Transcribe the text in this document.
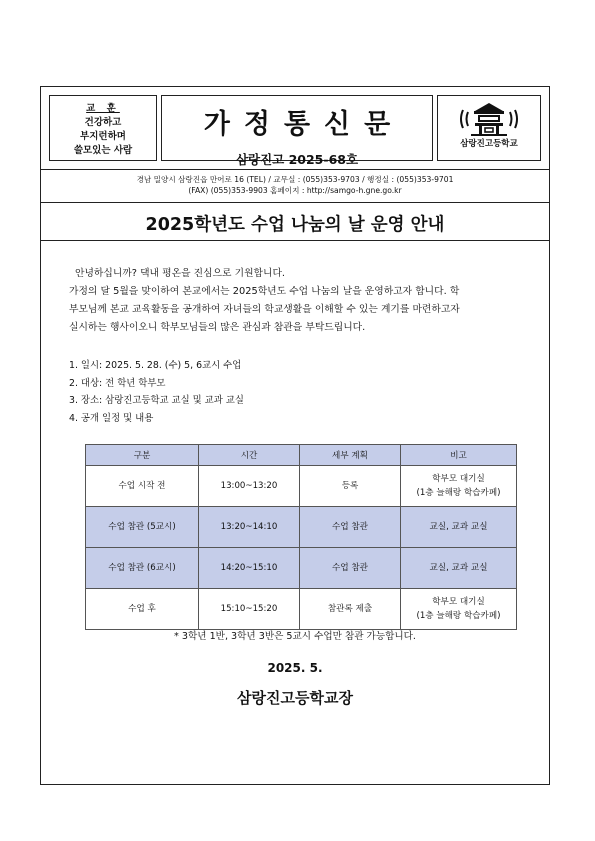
교 훈
건강하고
부지런하며
쓸모있는 사람
가정통신문
삼랑진고 2025-68호
삼랑진고등학교
경남 밀양시 삼랑진읍 만어로 16 (TEL) / 교무실 : (055)353-9703 / 행정실 : (055)353-9701
(FAX) (055)353-9903 홈페이지 : http://samgo-h.gne.go.kr
2025학년도 수업 나눔의 날 운영 안내

안녕하십니까? 댁내 평온을 진심으로 기원합니다.

가정의 달 5월을 맞이하여 본교에서는 2025학년도 수업 나눔의 날을 운영하고자 합니다. 학

부모님께 본교 교육활동을 공개하여 자녀들의 학교생활을 이해할 수 있는 계기를 마련하고자

실시하는 행사이오니 학부모님들의 많은 관심과 참관을 부탁드립니다.

1. 일시: 2025. 5. 28. (수) 5, 6교시 수업
2. 대상: 전 학년 학부모
3. 장소: 삼랑진고등학교 교실 및 교과 교실
4. 공개 일정 및 내용
구분	시간	세부 계획	비고
수업 시작 전	13:00~13:20	등록	학부모 대기실
(1층 늘해랑 학습카페)
수업 참관 (5교시)	13:20~14:10	수업 참관	교실, 교과 교실
수업 참관 (6교시)	14:20~15:10	수업 참관	교실, 교과 교실
수업 후	15:10~15:20	참관록 제출	학부모 대기실
(1층 늘해랑 학습카페)
* 3학년 1반, 3학년 3반은 5교시 수업만 참관 가능합니다.
2025. 5.
삼랑진고등학교장
